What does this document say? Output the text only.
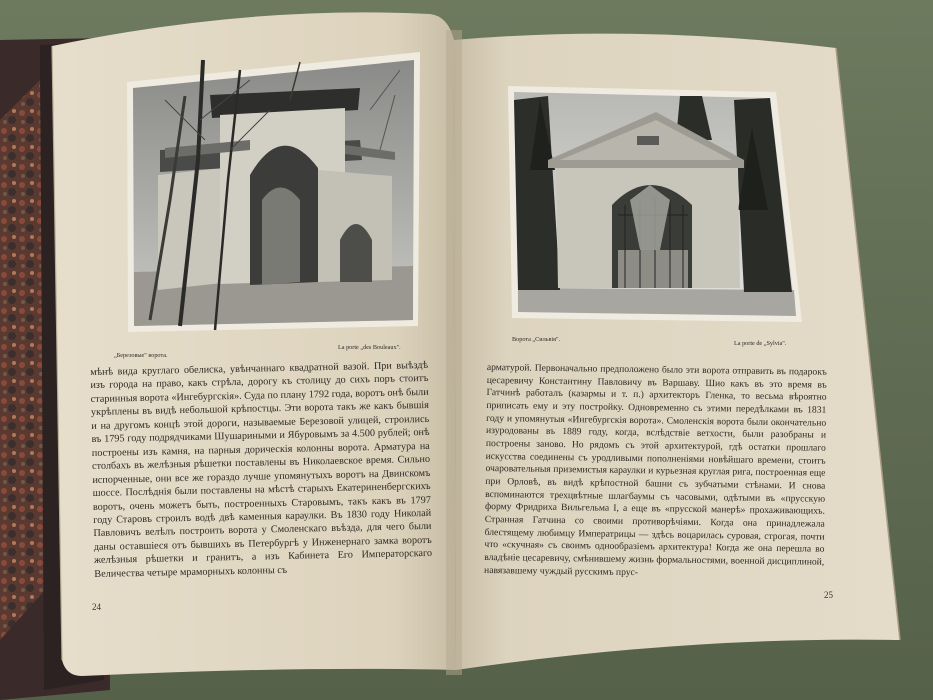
„Березовые" ворота.
La porte „des Bouleaux".
Ворота „Сильвія".
La porte de „Sylvia".

мѣнѣ вида круглаго обелиска, увѣнчаннаго квадратной вазой. При выѣздѣ изъ города на право, какъ стрѣла, дорогу къ столицу до сихъ поръ стоитъ старинныя ворота «Ингебургскія». Суда по плану 1792 года, воротъ онѣ были укрѣплены въ видѣ небольшой крѣпостцы. Эти ворота такъ же какъ бывшія и на другомъ концѣ этой дороги, называемые Березовой улицей, строились въ 1795 году подрядчиками Шушариными и Ябуровымъ за 4.500 рублей; онѣ построены изъ камня, на парныя дорическія колонны ворота. Арматура на столбахъ въ желѣзныя рѣшетки поставлены въ Николаевское время. Сильно испорченные, они все же гораздо лучше упомянутыхъ воротъ на Двинскомъ шоссе. Послѣднія были поставлены на мѣстѣ старыхъ Екатериненбергскихъ воротъ, очень можетъ быть, построенныхъ Старовымъ, такъ какъ въ 1797 году Старовъ строилъ водѣ двѣ каменныя караулки. Въ 1830 году Николай Павловичъ велѣлъ построить ворота у Смоленскаго въѣзда, для чего были даны оставшіеся отъ бывшихъ въ Петербургѣ у Инженернаго замка воротъ желѣзныя рѣшетки и гранитъ, а изъ Кабинета Его Императорскаго Величества четыре мраморныхъ колонны съ

арматурой. Первоначально предположено было эти ворота отправить въ подарокъ цесаревичу Константину Павловичу въ Варшаву. Шио какъ въ это время въ Гатчинѣ работалъ (казармы и т. п.) архитекторъ Гленка, то весьма вѣроятно приписать ему и эту постройку. Одновременно съ этими передѣлками въ 1831 году и упомянутыя «Ингебургскія ворота». Смоленскія ворота были окончательно изуродованы въ 1889 году, когда, вслѣдствіе ветхости, были разобраны и построены заново. Но рядомъ съ этой архитектурой, гдѣ остатки прошлаго искусства соединены съ уродливыми пополненіями новѣйшаго времени, стоитъ очаровательныя приземистыя караулки и курьезная круглая рига, построенная еще при Орловѣ, въ видѣ крѣпостной башни съ зубчатыми стѣнами. И снова вспоминаются трехцвѣтные шлагбаумы съ часовыми, одѣтыми въ «прусскую форму Фридриха Вильгельма I, а еще въ «прусской манерѣ» прохаживающихъ. Странная Гатчина со своими противорѣчіями. Когда она принадлежала блестящему любимцу Императрицы — здѣсь воцарилась суровая, строгая, почти что «скучная» съ своимъ однообразіемъ архитектура! Когда же она перешла во владѣніе цесаревичу, смѣнившему жизнь формальностями, военной дисциплиной, навязавшему чуждый русскимъ прус-

24
25
